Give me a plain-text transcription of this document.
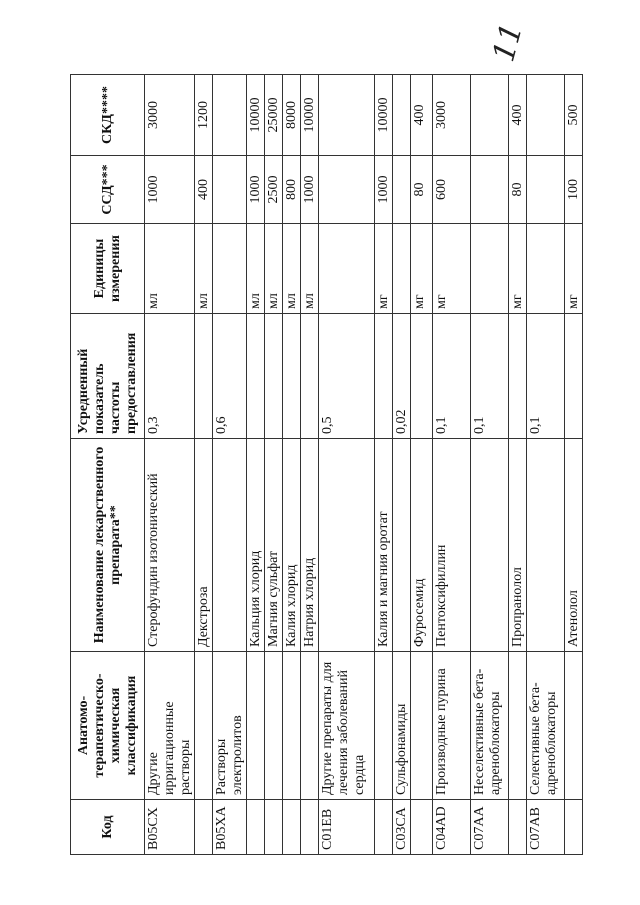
11
Код	Анатомо-терапевтическо-химическая классификация	Наименование лекарственного препарата**	Усредненный показатель частоты предоставления	Единицы измерения	ССД***	СКД****
B05CX	Другие ирригационные растворы	Стерофундин изотонический	0,3	мл	1000	3000
		Декстроза		мл	400	1200
B05XA	Растворы электролитов		0,6			
		Кальция хлорид		мл	1000	10000
		Магния сульфат		мл	2500	25000
		Калия хлорид		мл	800	8000
		Натрия хлорид		мл	1000	10000
C01EB	Другие препараты для лечения заболеваний сердца		0,5			
		Калия и магния оротат		мг	1000	10000
C03CA	Сульфонамиды		0,02			
		Фуросемид		мг	80	400
C04AD	Производные пурина	Пентоксифиллин	0,1	мг	600	3000
C07AA	Неселективные бета-адреноблокаторы		0,1			
		Пропранолол		мг	80	400
C07AB	Селективные бета-адреноблокаторы		0,1			
		Атенолол		мг	100	500
